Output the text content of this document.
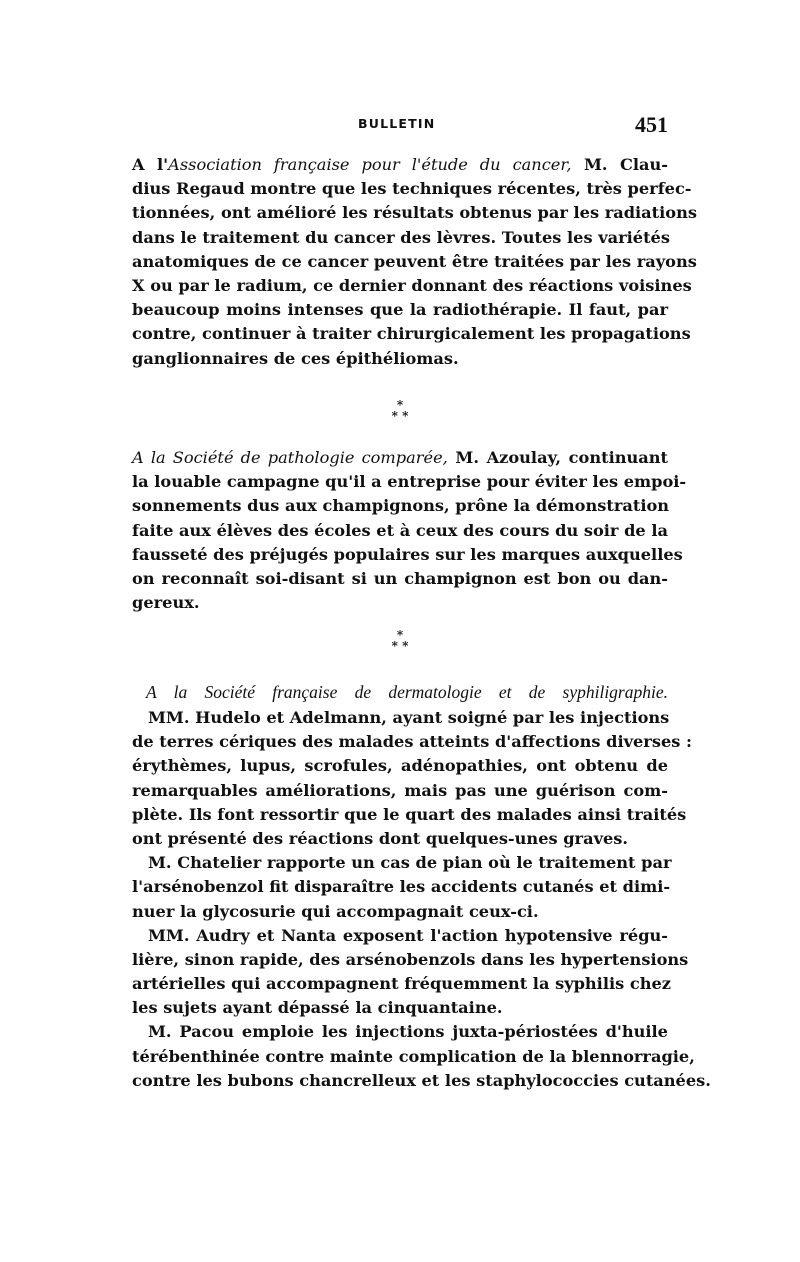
BULLETIN	451
A l'Association française pour l'étude du cancer, M. Clau-
dius Regaud montre que les techniques récentes, très perfec-
tionnées, ont amélioré les résultats obtenus par les radiations
dans le traitement du cancer des lèvres. Toutes les variétés
anatomiques de ce cancer peuvent être traitées par les rayons
X ou par le radium, ce dernier donnant des réactions voisines
beaucoup moins intenses que la radiothérapie. Il faut, par
contre, continuer à traiter chirurgicalement les propagations
ganglionnaires de ces épithéliomas.
*
* *
A la Société de pathologie comparée, M. Azoulay, continuant
la louable campagne qu'il a entreprise pour éviter les empoi-
sonnements dus aux champignons, prône la démonstration
faite aux élèves des écoles et à ceux des cours du soir de la
fausseté des préjugés populaires sur les marques auxquelles
on reconnaît soi-disant si un champignon est bon ou dan-
gereux.
*
* *
A la Société française de dermatologie et de syphiligraphie.
MM. Hudelo et Adelmann, ayant soigné par les injections
de terres cériques des malades atteints d'affections diverses :
érythèmes, lupus, scrofules, adénopathies, ont obtenu de
remarquables améliorations, mais pas une guérison com-
plète. Ils font ressortir que le quart des malades ainsi traités
ont présenté des réactions dont quelques-unes graves.
M. Chatelier rapporte un cas de pian où le traitement par
l'arsénobenzol fit disparaître les accidents cutanés et dimi-
nuer la glycosurie qui accompagnait ceux-ci.
MM. Audry et Nanta exposent l'action hypotensive régu-
lière, sinon rapide, des arsénobenzols dans les hypertensions
artérielles qui accompagnent fréquemment la syphilis chez
les sujets ayant dépassé la cinquantaine.
M. Pacou emploie les injections juxta-périostées d'huile
térébenthinée contre mainte complication de la blennorragie,
contre les bubons chancrelleux et les staphylococcies cutanées.
